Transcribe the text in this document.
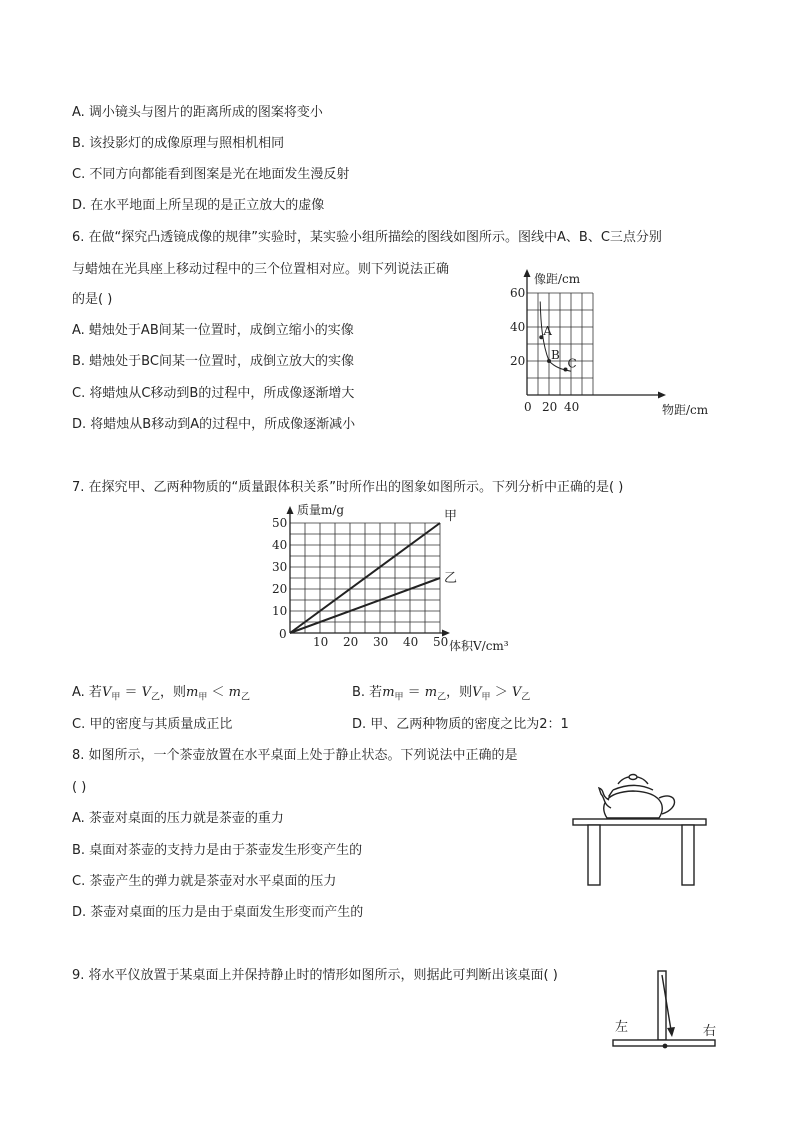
A. 调小镜头与图片的距离所成的图案将变小
B. 该投影灯的成像原理与照相机相同
C. 不同方向都能看到图案是光在地面发生漫反射
D. 在水平地面上所呈现的是正立放大的虚像
6. 在做“探究凸透镜成像的规律”实验时，某实验小组所描绘的图线如图所示。图线中A、B、C三点分别
与蜡烛在光具座上移动过程中的三个位置相对应。则下列说法正确
的是( )
A. 蜡烛处于AB间某一位置时，成倒立缩小的实像
B. 蜡烛处于BC间某一位置时，成倒立放大的实像
C. 将蜡烛从C移动到B的过程中，所成像逐渐增大
D. 将蜡烛从B移动到A的过程中，所成像逐渐减小
像距/cm
物距/cm
0 20 40
20
40
60
A
B
C
7. 在探究甲、乙两种物质的“质量跟体积关系”时所作出的图象如图所示。下列分析中正确的是( )
质量m/g
体积V/cm³
0
10 20 30 40 50
10
20
30
40
50	甲
乙
A. 若$V_甲 = V_乙$，则$m_甲 < m_乙$	B. 若$m_甲 = m_乙$，则$V_甲 > V_乙$
C. 甲的密度与其质量成正比	D. 甲、乙两种物质的密度之比为2：1
8. 如图所示，一个茶壶放置在水平桌面上处于静止状态。下列说法中正确的是
( )
A. 茶壶对桌面的压力就是茶壶的重力
B. 桌面对茶壶的支持力是由于茶壶发生形变产生的
C. 茶壶产生的弹力就是茶壶对水平桌面的压力
D. 茶壶对桌面的压力是由于桌面发生形变而产生的
9. 将水平仪放置于某桌面上并保持静止时的情形如图所示，则据此可判断出该桌面( )
左	右
